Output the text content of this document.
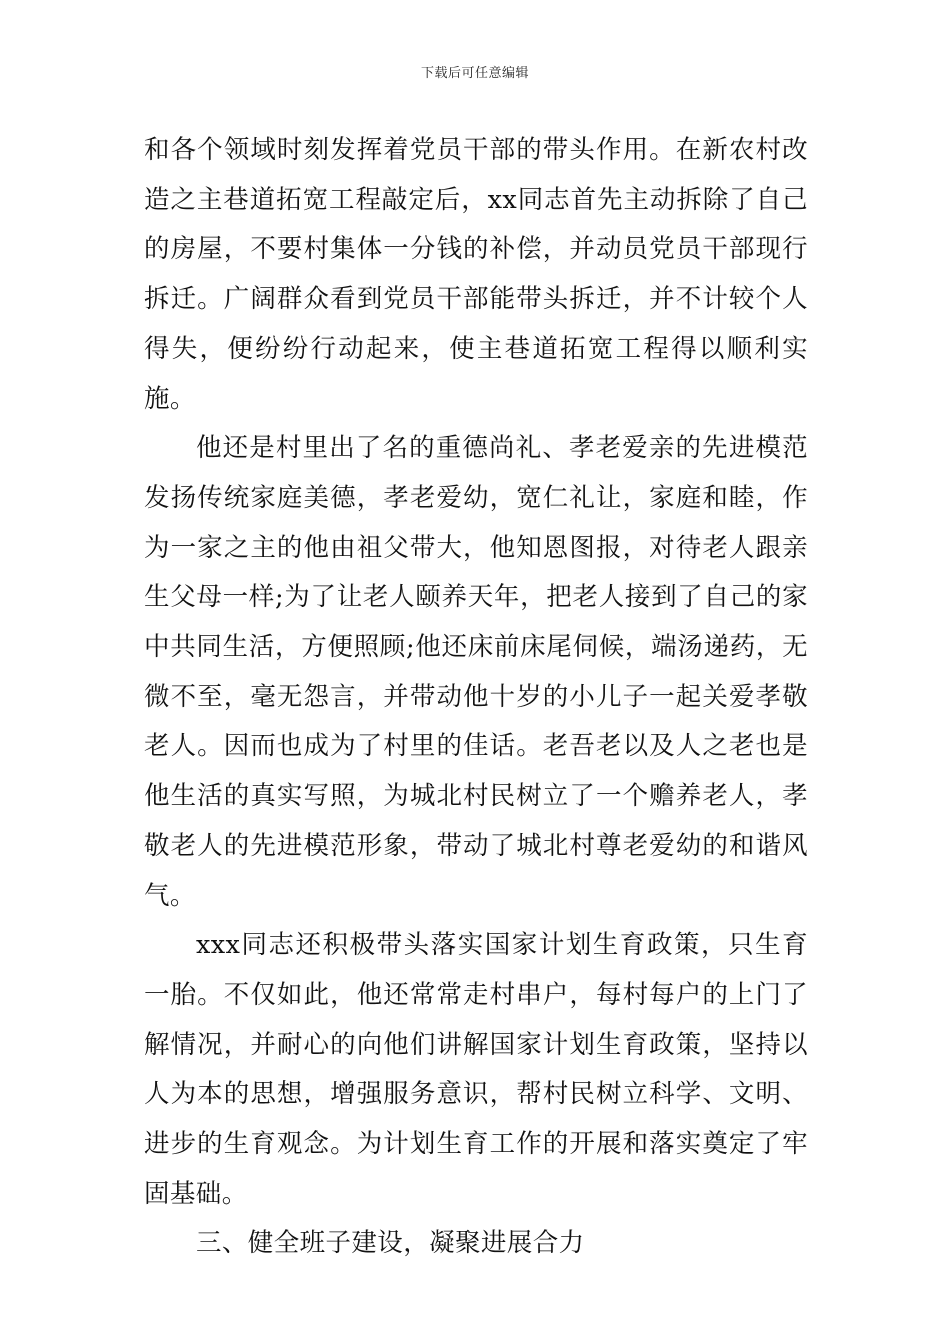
下载后可任意编辑

和各个领域时刻发挥着党员干部的带头作用。在新农村改造之主巷道拓宽工程敲定后，xx同志首先主动拆除了自己的房屋，不要村集体一分钱的补偿，并动员党员干部现行拆迁。广阔群众看到党员干部能带头拆迁，并不计较个人得失，便纷纷行动起来，使主巷道拓宽工程得以顺利实施。

他还是村里出了名的重德尚礼、孝老爱亲的先进模范发扬传统家庭美德，孝老爱幼，宽仁礼让，家庭和睦，作为一家之主的他由祖父带大，他知恩图报，对待老人跟亲生父母一样;为了让老人颐养天年，把老人接到了自己的家中共同生活，方便照顾;他还床前床尾伺候，端汤递药，无微不至，毫无怨言，并带动他十岁的小儿子一起关爱孝敬老人。因而也成为了村里的佳话。老吾老以及人之老也是他生活的真实写照，为城北村民树立了一个赡养老人，孝敬老人的先进模范形象，带动了城北村尊老爱幼的和谐风气。

xxx同志还积极带头落实国家计划生育政策，只生育一胎。不仅如此，他还常常走村串户，每村每户的上门了解情况，并耐心的向他们讲解国家计划生育政策，坚持以人为本的思想，增强服务意识，帮村民树立科学、文明、进步的生育观念。为计划生育工作的开展和落实奠定了牢固基础。

三、健全班子建设，凝聚进展合力
